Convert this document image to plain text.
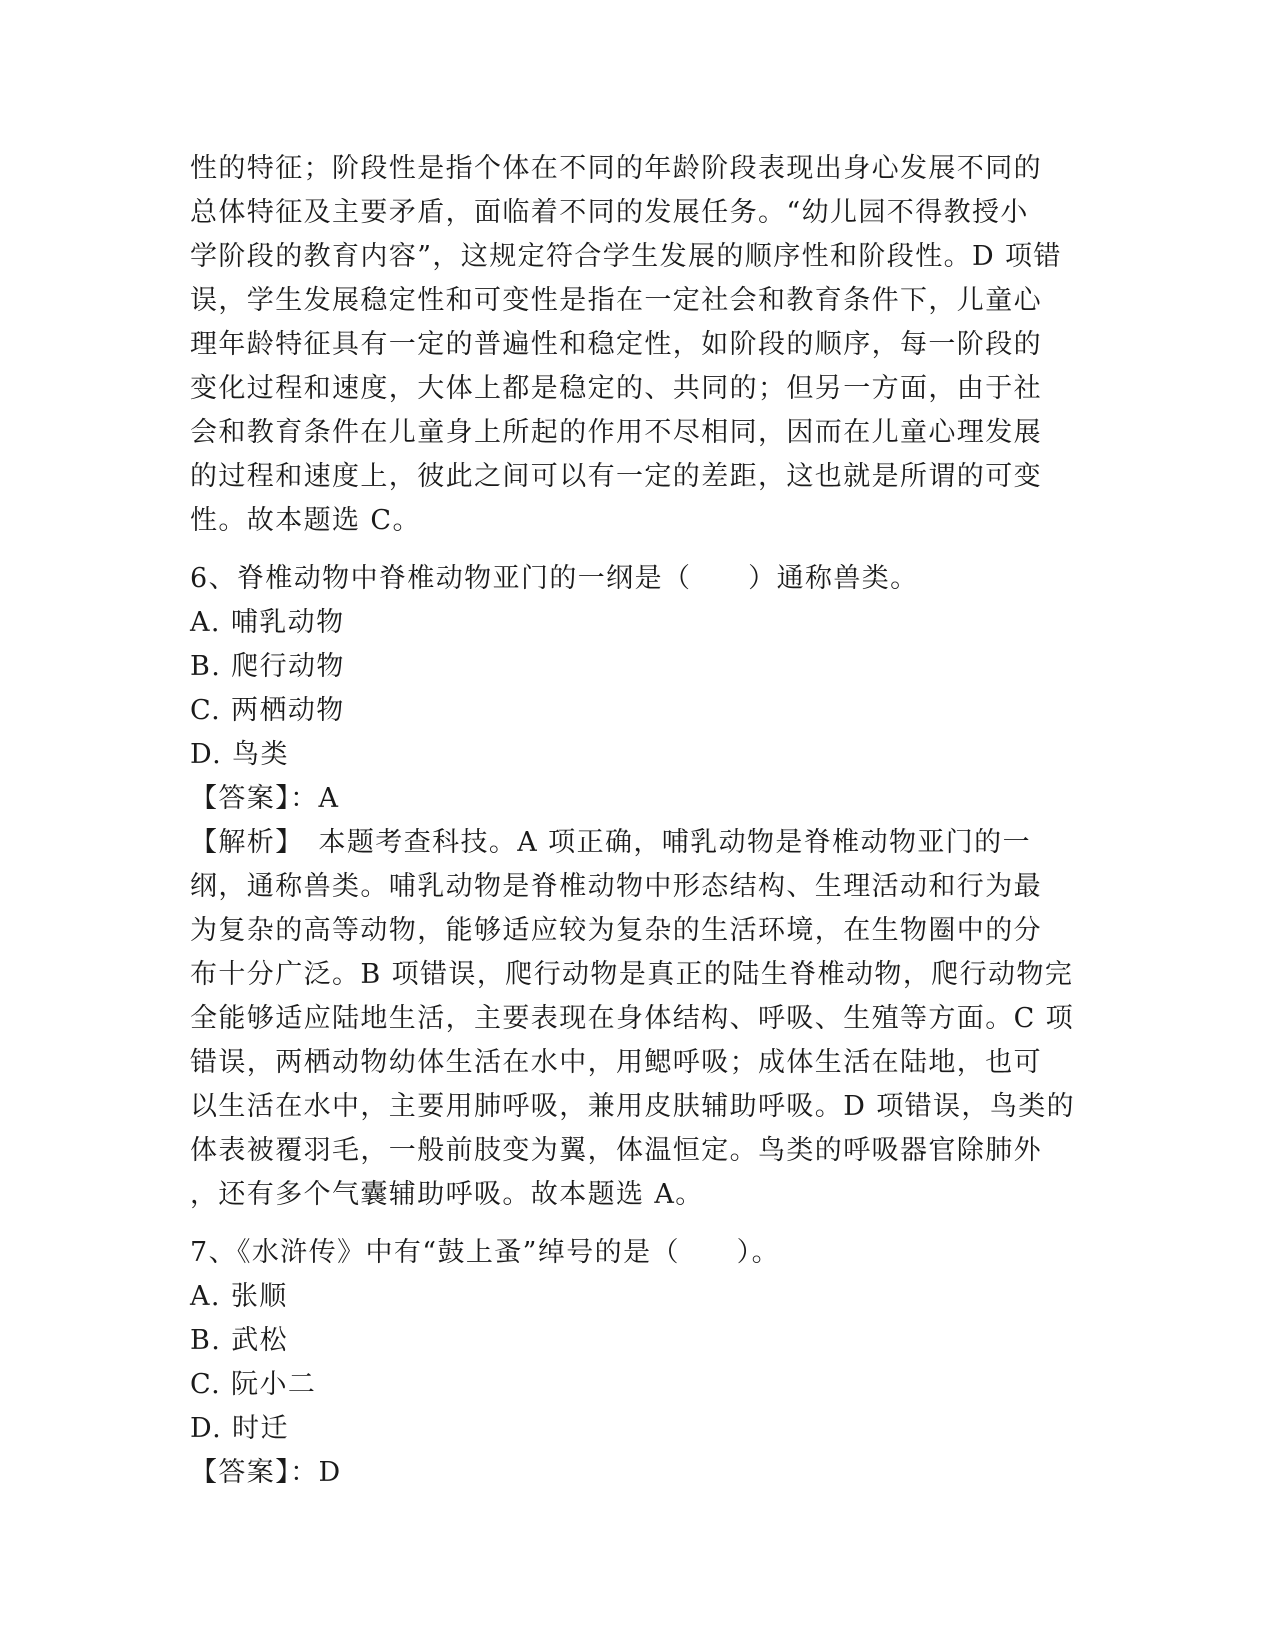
性的特征；阶段性是指个体在不同的年龄阶段表现出身心发展不同的
总体特征及主要矛盾，面临着不同的发展任务。“幼儿园不得教授小
学阶段的教育内容”，这规定符合学生发展的顺序性和阶段性。D 项错
误，学生发展稳定性和可变性是指在一定社会和教育条件下，儿童心
理年龄特征具有一定的普遍性和稳定性，如阶段的顺序，每一阶段的
变化过程和速度，大体上都是稳定的、共同的；但另一方面，由于社
会和教育条件在儿童身上所起的作用不尽相同，因而在儿童心理发展
的过程和速度上，彼此之间可以有一定的差距，这也就是所谓的可变
性。故本题选 C。
6、脊椎动物中脊椎动物亚门的一纲是（　　）通称兽类。
A. 哺乳动物
B. 爬行动物
C. 两栖动物
D. 鸟类
【答案】：A
【解析】　本题考查科技。A 项正确，哺乳动物是脊椎动物亚门的一
纲，通称兽类。哺乳动物是脊椎动物中形态结构、生理活动和行为最
为复杂的高等动物，能够适应较为复杂的生活环境，在生物圈中的分
布十分广泛。B 项错误，爬行动物是真正的陆生脊椎动物，爬行动物完
全能够适应陆地生活，主要表现在身体结构、呼吸、生殖等方面。C 项
错误，两栖动物幼体生活在水中，用鳃呼吸；成体生活在陆地，也可
以生活在水中，主要用肺呼吸，兼用皮肤辅助呼吸。D 项错误，鸟类的
体表被覆羽毛，一般前肢变为翼，体温恒定。鸟类的呼吸器官除肺外
，还有多个气囊辅助呼吸。故本题选 A。
7、《水浒传》中有“鼓上蚤”绰号的是（　　）。
A. 张顺
B. 武松
C. 阮小二
D. 时迁
【答案】：D
